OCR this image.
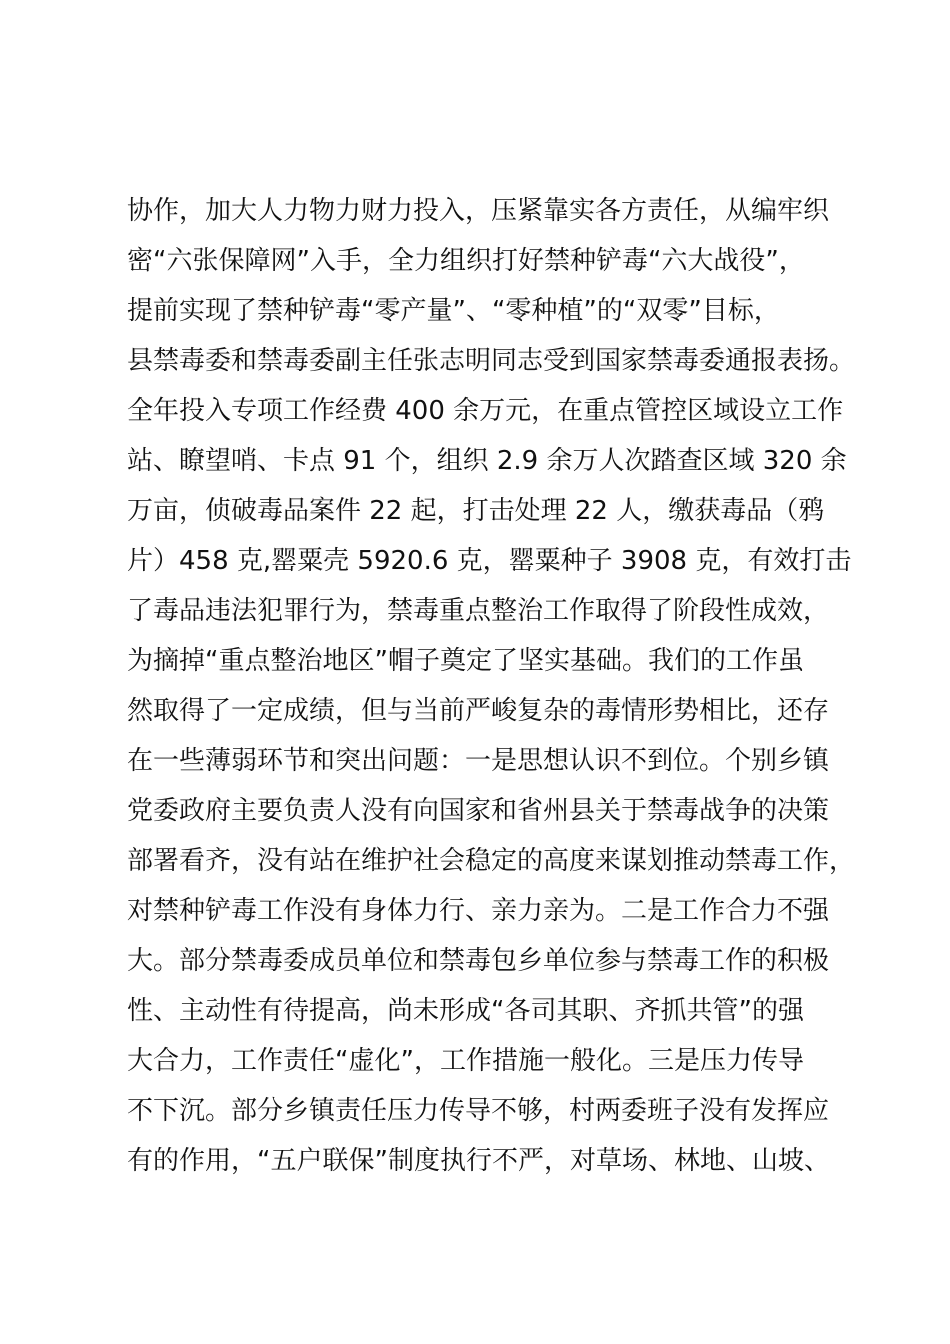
协作，加大人力物力财力投入，压紧靠实各方责任，从编牢织
密“六张保障网”入手，全力组织打好禁种铲毒“六大战役”，
提前实现了禁种铲毒“零产量”、“零种植”的“双零”目标，
县禁毒委和禁毒委副主任张志明同志受到国家禁毒委通报表扬。
全年投入专项工作经费 400 余万元，在重点管控区域设立工作
站、瞭望哨、卡点 91 个，组织 2.9 余万人次踏查区域 320 余
万亩，侦破毒品案件 22 起，打击处理 22 人，缴获毒品（鸦
片）458 克,罂粟壳 5920.6 克，罂粟种子 3908 克，有效打击
了毒品违法犯罪行为，禁毒重点整治工作取得了阶段性成效，
为摘掉“重点整治地区”帽子奠定了坚实基础。我们的工作虽
然取得了一定成绩，但与当前严峻复杂的毒情形势相比，还存
在一些薄弱环节和突出问题：一是思想认识不到位。个别乡镇
党委政府主要负责人没有向国家和省州县关于禁毒战争的决策
部署看齐，没有站在维护社会稳定的高度来谋划推动禁毒工作，
对禁种铲毒工作没有身体力行、亲力亲为。二是工作合力不强
大。部分禁毒委成员单位和禁毒包乡单位参与禁毒工作的积极
性、主动性有待提高，尚未形成“各司其职、齐抓共管”的强
大合力，工作责任“虚化”，工作措施一般化。三是压力传导
不下沉。部分乡镇责任压力传导不够，村两委班子没有发挥应
有的作用，“五户联保”制度执行不严，对草场、林地、山坡、
